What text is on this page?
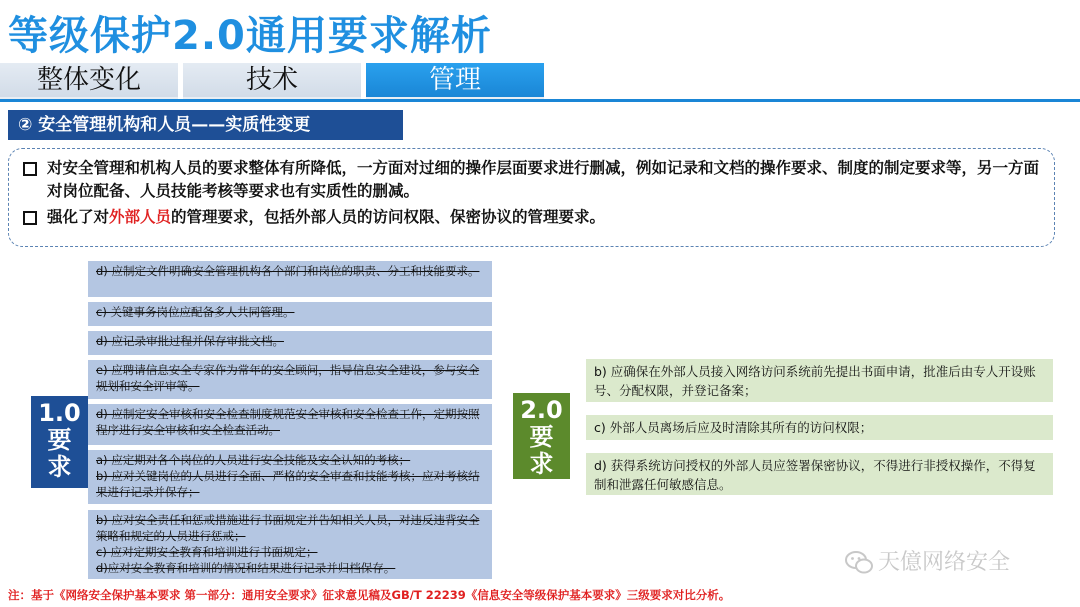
等级保护2.0通用要求解析
整体变化	技术	管理
② 安全管理机构和人员——实质性变更
对安全管理和机构人员的要求整体有所降低，一方面对过细的操作层面要求进行删减，例如记录和文档的操作要求、制度的制定要求等，另一方面对岗位配备、人员技能考核等要求也有实质性的删减。
强化了对外部人员的管理要求，包括外部人员的访问权限、保密协议的管理要求。
1.0
要
求
d) 应制定文件明确安全管理机构各个部门和岗位的职责、分工和技能要求。
c) 关键事务岗位应配备多人共同管理。
d) 应记录审批过程并保存审批文档。
e) 应聘请信息安全专家作为常年的安全顾问，指导信息安全建设，参与安全规划和安全评审等。
d) 应制定安全审核和安全检查制度规范安全审核和安全检查工作，定期按照程序进行安全审核和安全检查活动。
a) 应定期对各个岗位的人员进行安全技能及安全认知的考核；
b) 应对关键岗位的人员进行全面、严格的安全审查和技能考核；应对考核结果进行记录并保存；
b) 应对安全责任和惩戒措施进行书面规定并告知相关人员，对违反违背安全策略和规定的人员进行惩戒；
c) 应对定期安全教育和培训进行书面规定；
d)应对安全教育和培训的情况和结果进行记录并归档保存。
2.0
要
求
b) 应确保在外部人员接入网络访问系统前先提出书面申请，批准后由专人开设账号、分配权限，并登记备案；
c) 外部人员离场后应及时清除其所有的访问权限；
d) 获得系统访问授权的外部人员应签署保密协议，不得进行非授权操作，不得复制和泄露任何敏感信息。
天億网络安全
注：基于《网络安全保护基本要求 第一部分：通用安全要求》征求意见稿及GB/T 22239《信息安全等级保护基本要求》三级要求对比分析。
